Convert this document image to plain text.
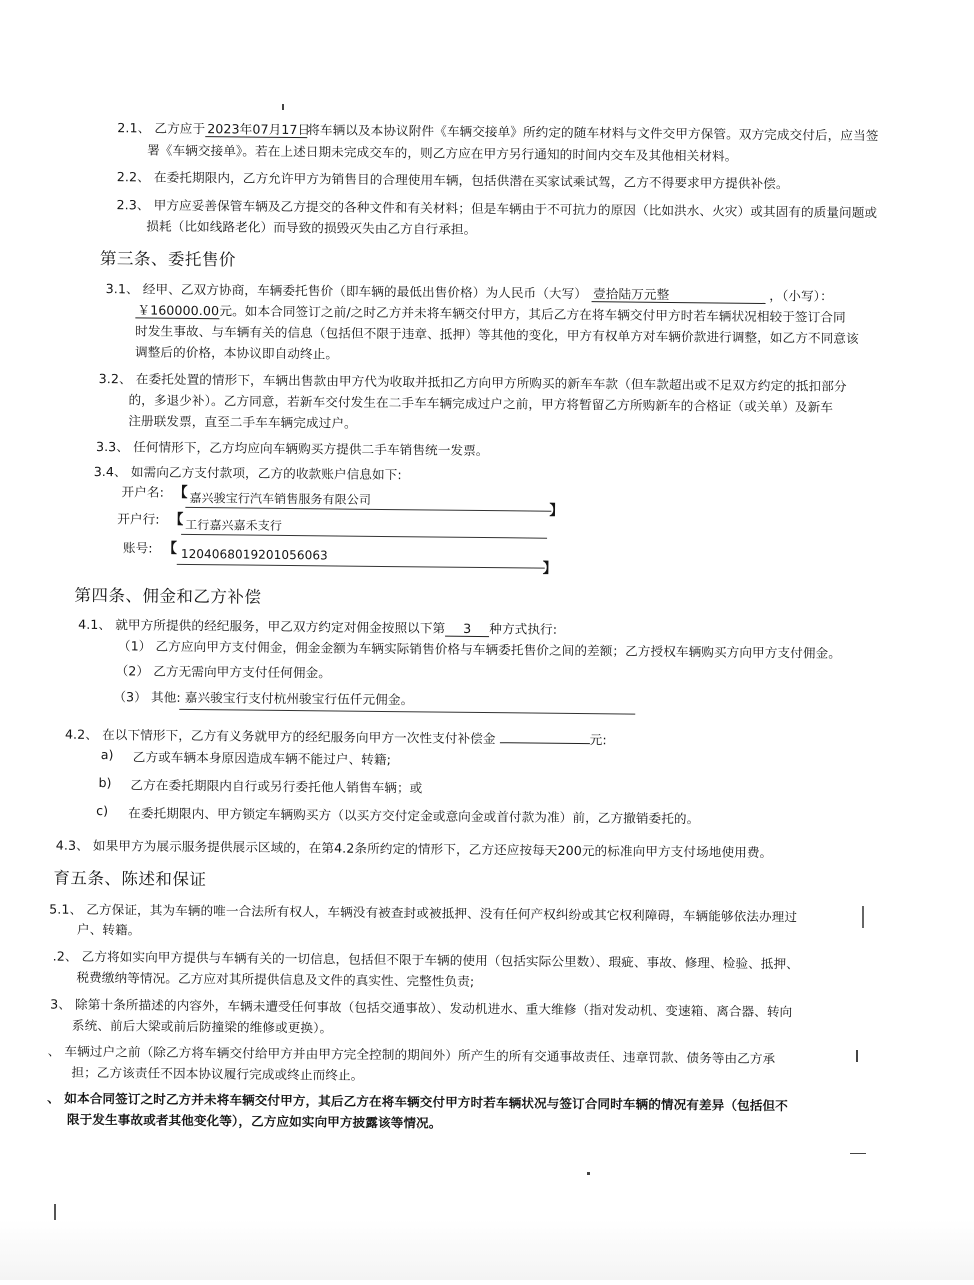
2.1、 乙方应于 2023年07月17日将车辆以及本协议附件《车辆交接单》所约定的随车材料与文件交甲方保管。双方完成交付后，应当签
署《车辆交接单》。若在上述日期未完成交车的，则乙方应在甲方另行通知的时间内交车及其他相关材料。
2.2、 在委托期限内，乙方允许甲方为销售目的合理使用车辆，包括供潜在买家试乘试驾，乙方不得要求甲方提供补偿。
2.3、 甲方应妥善保管车辆及乙方提交的各种文件和有关材料；但是车辆由于不可抗力的原因（比如洪水、火灾）或其固有的质量问题或
损耗（比如线路老化）而导致的损毁灭失由乙方自行承担。
第三条、委托售价
3.1、 经甲、乙双方协商，车辆委托售价（即车辆的最低出售价格）为人民币（大写） 壹拾陆万元整	，（小写）：
￥160000.00元。如本合同签订之前/之时乙方并未将车辆交付甲方，其后乙方在将车辆交付甲方时若车辆状况相较于签订合同
时发生事故、与车辆有关的信息（包括但不限于违章、抵押）等其他的变化，甲方有权单方对车辆价款进行调整，如乙方不同意该
调整后的价格，本协议即自动终止。
3.2、 在委托处置的情形下，车辆出售款由甲方代为收取并抵扣乙方向甲方所购买的新车车款（但车款超出或不足双方约定的抵扣部分
的，多退少补）。乙方同意，若新车交付发生在二手车车辆完成过户之前，甲方将暂留乙方所购新车的合格证（或关单）及新车
注册联发票，直至二手车车辆完成过户。
3.3、 任何情形下，乙方均应向车辆购买方提供二手车销售统一发票。
3.4、 如需向乙方支付款项，乙方的收款账户信息如下:
开户名: 【 嘉兴骏宝行汽车销售服务有限公司
】
开户行: 【 工行嘉兴嘉禾支行
账号: 【 1204068019201056063
】
第四条、佣金和乙方补偿
4.1、 就甲方所提供的经纪服务，甲乙双方约定对佣金按照以下第 3 种方式执行:
（1） 乙方应向甲方支付佣金，佣金金额为车辆实际销售价格与车辆委托售价之间的差额；乙方授权车辆购买方向甲方支付佣金。
（2） 乙方无需向甲方支付任何佣金。
（3） 其他: 嘉兴骏宝行支付杭州骏宝行伍仟元佣金。
4.2、 在以下情形下，乙方有义务就甲方的经纪服务向甲方一次性支付补偿金	元:
a) 乙方或车辆本身原因造成车辆不能过户、转籍;
b) 乙方在委托期限内自行或另行委托他人销售车辆；或
c) 在委托期限内、甲方锁定车辆购买方（以买方交付定金或意向金或首付款为准）前，乙方撤销委托的。
4.3、 如果甲方为展示服务提供展示区域的，在第4.2条所约定的情形下，乙方还应按每天200元的标准向甲方支付场地使用费。
育五条、陈述和保证
5.1、 乙方保证，其为车辆的唯一合法所有权人，车辆没有被查封或被抵押、没有任何产权纠纷或其它权利障碍，车辆能够依法办理过
户、转籍。
.2、 乙方将如实向甲方提供与车辆有关的一切信息，包括但不限于车辆的使用（包括实际公里数）、瑕疵、事故、修理、检验、抵押、
税费缴纳等情况。乙方应对其所提供信息及文件的真实性、完整性负责;
3、 除第十条所描述的内容外，车辆未遭受任何事故（包括交通事故）、发动机进水、重大维修（指对发动机、变速箱、离合器、转向
系统、前后大梁或前后防撞梁的维修或更换）。
、 车辆过户之前（除乙方将车辆交付给甲方并由甲方完全控制的期间外）所产生的所有交通事故责任、违章罚款、债务等由乙方承
担；乙方该责任不因本协议履行完成或终止而终止。
、 如本合同签订之时乙方并未将车辆交付甲方，其后乙方在将车辆交付甲方时若车辆状况与签订合同时车辆的情况有差异（包括但不
限于发生事故或者其他变化等），乙方应如实向甲方披露该等情况。
